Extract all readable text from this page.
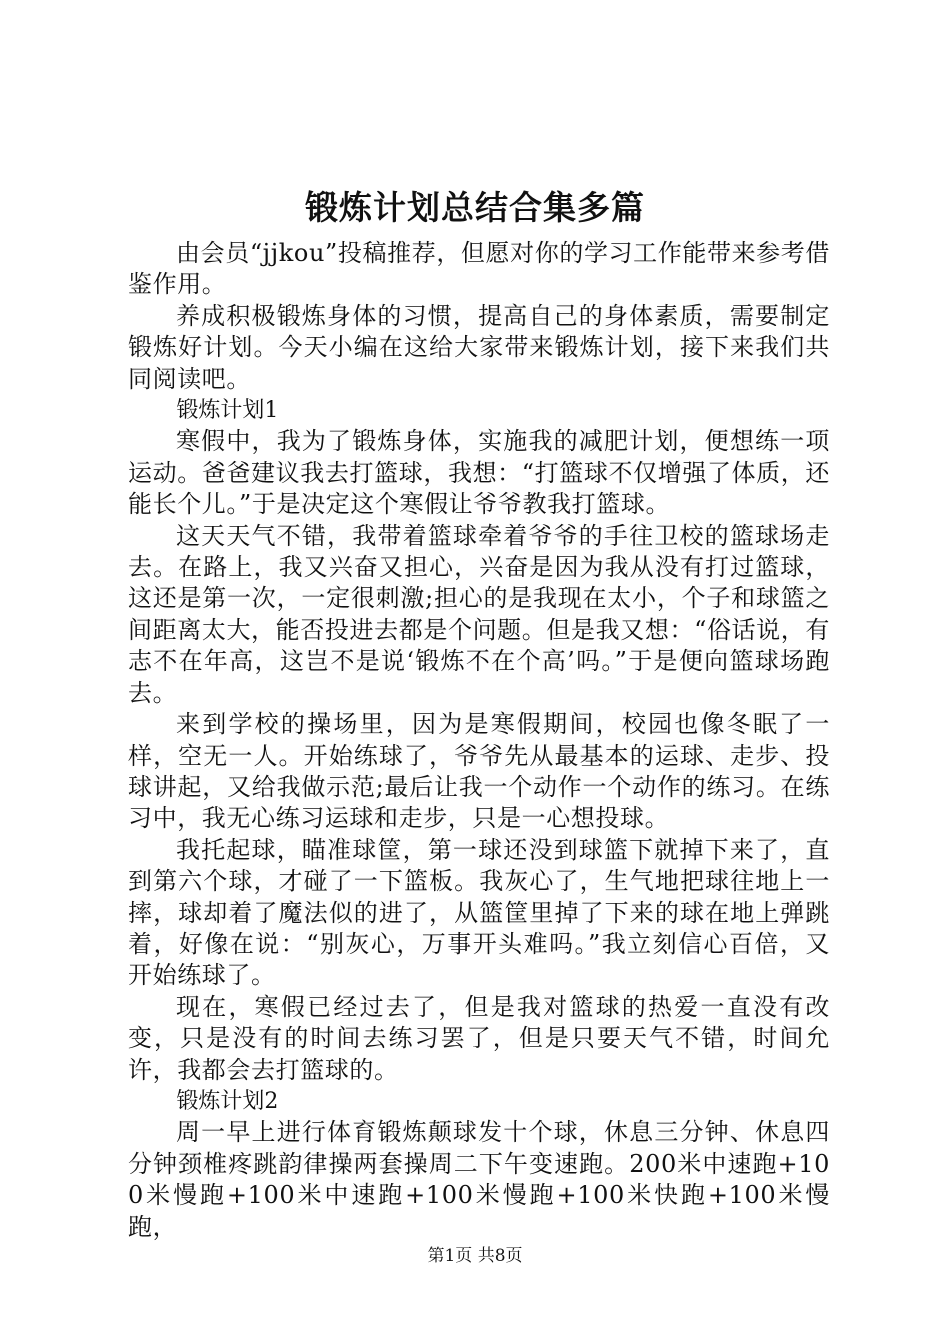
锻炼计划总结合集多篇

由会员“jjkou”投稿推荐，但愿对你的学习工作能带来参考借鉴作用。

养成积极锻炼身体的习惯，提高自己的身体素质，需要制定锻炼好计划。今天小编在这给大家带来锻炼计划，接下来我们共同阅读吧。

锻炼计划1

寒假中，我为了锻炼身体，实施我的减肥计划，便想练一项运动。爸爸建议我去打篮球，我想：“打篮球不仅增强了体质，还能长个儿。”于是决定这个寒假让爷爷教我打篮球。

这天天气不错，我带着篮球牵着爷爷的手往卫校的篮球场走去。在路上，我又兴奋又担心，兴奋是因为我从没有打过篮球，这还是第一次，一定很刺激;担心的是我现在太小，个子和球篮之间距离太大，能否投进去都是个问题。但是我又想：“俗话说，有志不在年高，这岂不是说‘锻炼不在个高’吗。”于是便向篮球场跑去。

来到学校的操场里，因为是寒假期间，校园也像冬眠了一样，空无一人。开始练球了，爷爷先从最基本的运球、走步、投球讲起，又给我做示范;最后让我一个动作一个动作的练习。在练习中，我无心练习运球和走步，只是一心想投球。

我托起球，瞄准球筐，第一球还没到球篮下就掉下来了，直到第六个球，才碰了一下篮板。我灰心了，生气地把球往地上一摔，球却着了魔法似的进了，从篮筐里掉了下来的球在地上弹跳着，好像在说：“别灰心，万事开头难吗。”我立刻信心百倍，又开始练球了。

现在，寒假已经过去了，但是我对篮球的热爱一直没有改变，只是没有的时间去练习罢了，但是只要天气不错，时间允许，我都会去打篮球的。

锻炼计划2

周一早上进行体育锻炼颠球发十个球，休息三分钟、休息四分钟颈椎疼跳韵律操两套操周二下午变速跑。200米中速跑+100米慢跑+100米中速跑+100米慢跑+100米快跑+100米慢跑，

第1页 共8页
